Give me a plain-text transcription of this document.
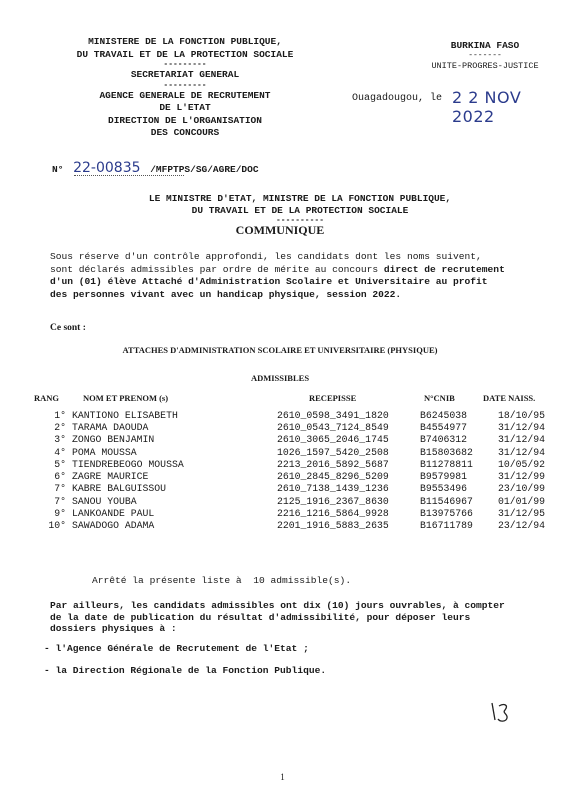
MINISTERE DE LA FONCTION PUBLIQUE,
DU TRAVAIL ET DE LA PROTECTION SOCIALE
---------
SECRETARIAT GENERAL
---------
AGENCE GENERALE DE RECRUTEMENT
DE L'ETAT
DIRECTION DE L'ORGANISATION
DES CONCOURS
BURKINA FASO
-------
UNITE-PROGRES-JUSTICE
Ouagadougou, le 2 2 NOV 2022
N° 22-00835 /MFPTPS/SG/AGRE/DOC
LE MINISTRE D'ETAT, MINISTRE DE LA FONCTION PUBLIQUE,
DU TRAVAIL ET DE LA PROTECTION SOCIALE
----------
COMMUNIQUE
Sous réserve d'un contrôle approfondi, les candidats dont les noms suivent, sont déclarés admissibles par ordre de mérite au concours direct de recrutement d'un (01) élève Attaché d'Administration Scolaire et Universitaire au profit des personnes vivant avec un handicap physique, session 2022.
Ce sont :
ATTACHES D'ADMINISTRATION SCOLAIRE ET UNIVERSITAIRE (PHYSIQUE)
ADMISSIBLES
RANG	NOM ET PRENOM (s)	RECEPISSE	N°CNIB	DATE NAISS.
1°	KANTIONO ELISABETH	2610_0598_3491_1820	B6245038	18/10/95
2°	TARAMA DAOUDA	2610_0543_7124_8549	B4554977	31/12/94
3°	ZONGO BENJAMIN	2610_3065_2046_1745	B7406312	31/12/94
4°	POMA MOUSSA	1026_1597_5420_2508	B15803682	31/12/94
5°	TIENDREBEOGO MOUSSA	2213_2016_5892_5687	B11278811	10/05/92
6°	ZAGRE MAURICE	2610_2845_8296_5209	B9579981	31/12/99
7°	KABRE BALGUISSOU	2610_7138_1439_1236	B9553496	23/10/99
7°	SANOU YOUBA	2125_1916_2367_8630	B11546967	01/01/99
9°	LANKOANDE PAUL	2216_1216_5864_9928	B13975766	31/12/95
10°	SAWADOGO ADAMA	2201_1916_5883_2635	B16711789	23/12/94
Arrêté la présente liste à  10 admissible(s).
Par ailleurs, les candidats admissibles ont dix (10) jours ouvrables, à compter de la date de publication du résultat d'admissibilité, pour déposer leurs dossiers physiques à :
- l'Agence Générale de Recrutement de l'Etat ;
- la Direction Régionale de la Fonction Publique.
1
